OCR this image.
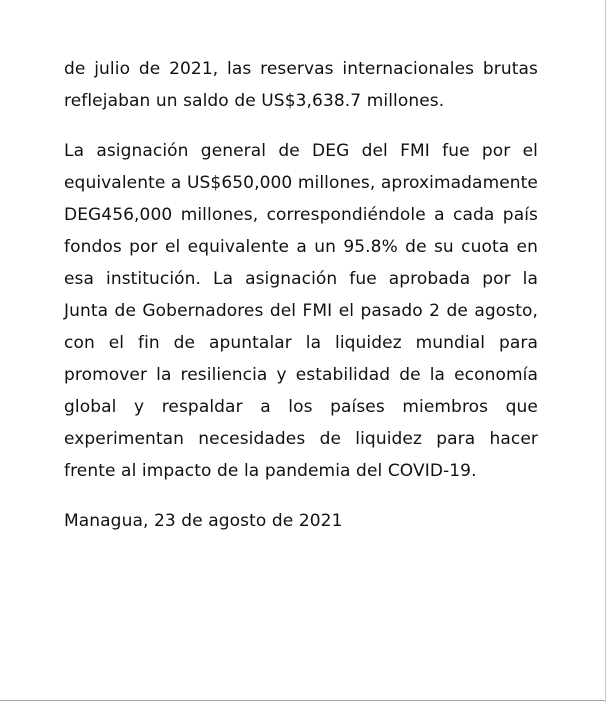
de julio de 2021, las reservas internacionales brutas
reflejaban un saldo de US$3,638.7 millones.
La asignación general de DEG del FMI fue por el
equivalente a US$650,000 millones, aproximadamente
DEG456,000 millones, correspondiéndole a cada país
fondos por el equivalente a un 95.8% de su cuota en
esa institución. La asignación fue aprobada por la
Junta de Gobernadores del FMI el pasado 2 de agosto,
con el fin de apuntalar la liquidez mundial para
promover la resiliencia y estabilidad de la economía
global y respaldar a los países miembros que
experimentan necesidades de liquidez para hacer
frente al impacto de la pandemia del COVID-19.
Managua, 23 de agosto de 2021
